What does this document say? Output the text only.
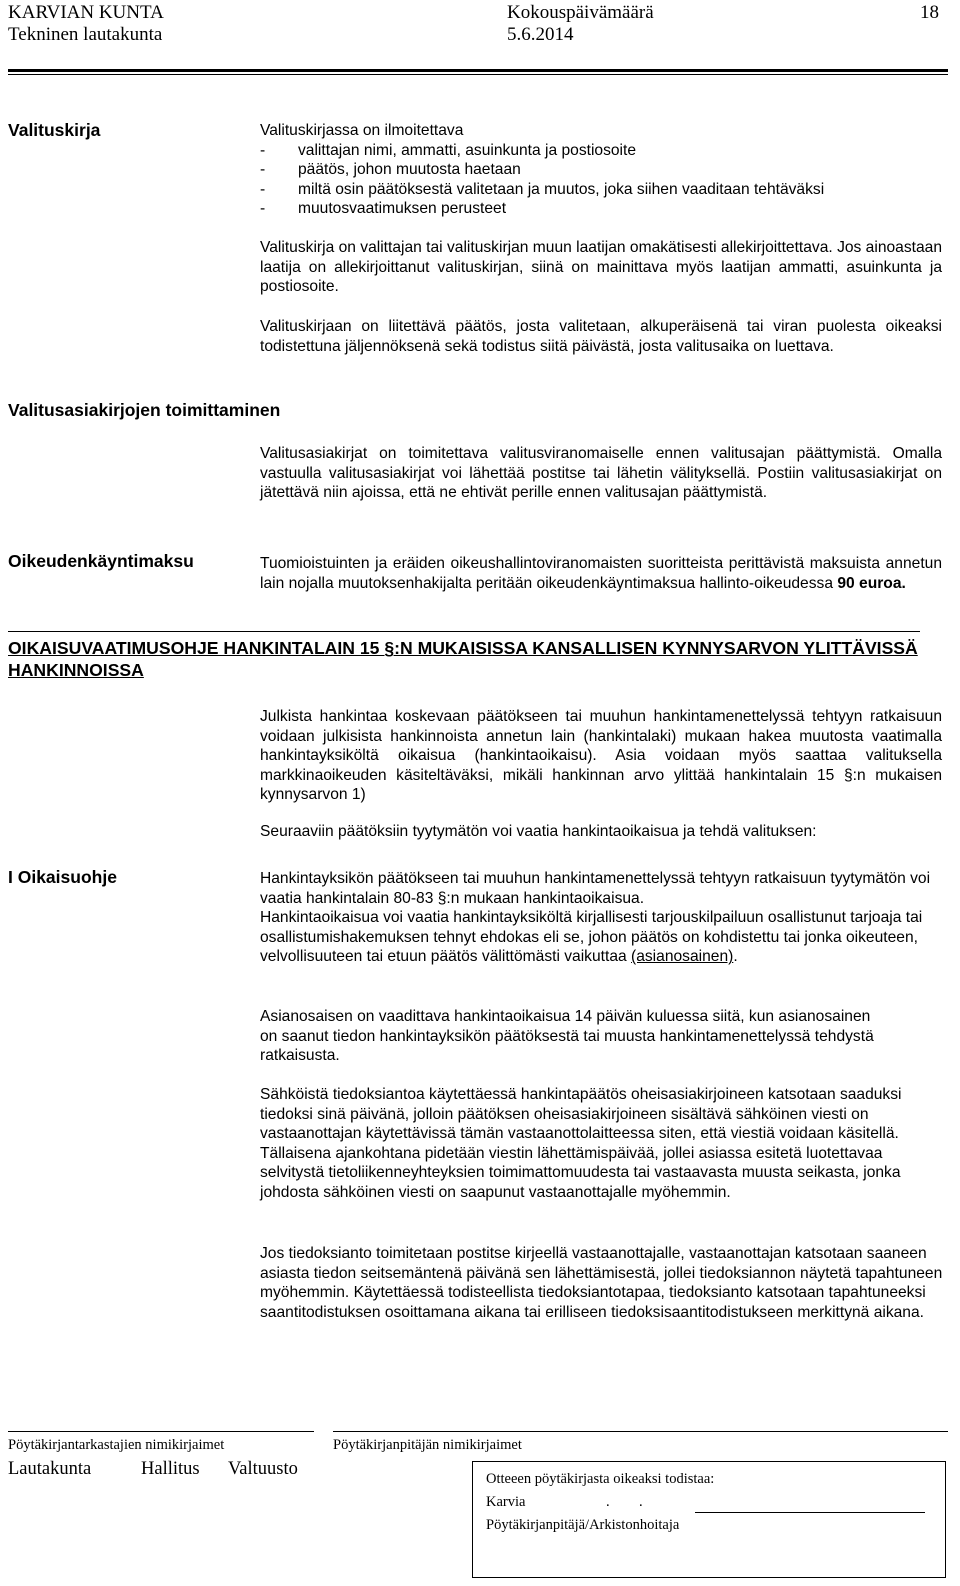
KARVIAN KUNTA
Tekninen lautakunta
Kokouspäivämäärä
5.6.2014
18
Valituskirja	Valituskirjassa on ilmoitettava

-	valittajan nimi, ammatti, asuinkunta ja postiosoite
-	päätös, johon muutosta haetaan
-	miltä osin päätöksestä valitetaan ja muutos, joka siihen vaaditaan tehtäväksi
-	muutosvaatimuksen perusteet

Valituskirja on valittajan tai valituskirjan muun laatijan omakätisesti allekirjoittettava. Jos ainoastaan laatija on allekirjoittanut valituskirjan, siinä on mainittava myös laatijan ammatti, asuinkunta ja postiosoite.

Valituskirjaan on liitettävä päätös, josta valitetaan, alkuperäisenä tai viran puolesta oikeaksi todistettuna jäljennöksenä sekä todistus siitä päivästä, josta valitusaika on luettava.

Valitusasiakirjojen toimittaminen

Valitusasiakirjat on toimitettava valitusviranomaiselle ennen valitusajan päättymistä. Omalla vastuulla valitusasiakirjat voi lähettää postitse tai lähetin välityksellä. Postiin valitusasiakirjat on jätettävä niin ajoissa, että ne ehtivät perille ennen valitusajan päättymistä.

Oikeudenkäyntimaksu	Tuomioistuinten ja eräiden oikeushallintoviranomaisten suoritteista perittävistä maksuista annetun lain nojalla muutoksenhakijalta peritään oikeudenkäyntimaksua hallinto-oikeudessa 90 euroa.

OIKAISUVAATIMUSOHJE HANKINTALAIN 15 §:N MUKAISISSA KANSALLISEN KYNNYSARVON YLITTÄVISSÄ HANKINNOISSA

Julkista hankintaa koskevaan päätökseen tai muuhun hankintamenettelyssä tehtyyn ratkaisuun voidaan julkisista hankinnoista annetun lain (hankintalaki) mukaan hakea muutosta vaatimalla hankintayksiköltä oikaisua (hankintaoikaisu). Asia voidaan myös saattaa valituksella markkinaoikeuden käsiteltäväksi, mikäli hankinnan arvo ylittää hankintalain 15 §:n mukaisen kynnysarvon 1)

Seuraaviin päätöksiin tyytymätön voi vaatia hankintaoikaisua ja tehdä valituksen:

I Oikaisuohje	Hankintayksikön päätökseen tai muuhun hankintamenettelyssä tehtyyn ratkaisuun tyytymätön voi vaatia hankintalain 80-83 §:n mukaan hankintaoikaisua.

Hankintaoikaisua voi vaatia hankintayksiköltä kirjallisesti tarjouskilpailuun osallistunut tarjoaja tai osallistumishakemuksen tehnyt ehdokas eli se, johon päätös on kohdistettu tai jonka oikeuteen, velvollisuuteen tai etuun päätös välittömästi vaikuttaa (asianosainen).

Asianosaisen on vaadittava hankintaoikaisua 14 päivän kuluessa siitä, kun asianosainen on saanut tiedon hankintayksikön päätöksestä tai muusta hankintamenettelyssä tehdystä ratkaisusta.

Sähköistä tiedoksiantoa käytettäessä hankintapäätös oheisasiakirjoineen katsotaan saaduksi tiedoksi sinä päivänä, jolloin päätöksen oheisasiakirjoineen sisältävä sähköinen viesti on vastaanottajan käytettävissä tämän vastaanottolaitteessa siten, että viestiä voidaan käsitellä. Tällaisena ajankohtana pidetään viestin lähettämispäivää, jollei asiassa esitetä luotettavaa selvitystä tietoliikenneyhteyksien toimimattomuudesta tai vastaavasta muusta seikasta, jonka johdosta sähköinen viesti on saapunut vastaanottajalle myöhemmin.

Jos tiedoksianto toimitetaan postitse kirjeellä vastaanottajalle, vastaanottajan katsotaan saaneen asiasta tiedon seitsemäntenä päivänä sen lähettämisestä, jollei tiedoksiannon näytetä tapahtuneen myöhemmin. Käytettäessä todisteellista tiedoksiantotapaa, tiedoksianto katsotaan tapahtuneeksi saantitodistuksen osoittamana aikana tai erilliseen tiedoksisaantitodistukseen merkittynä aikana.

Pöytäkirjantarkastajien nimikirjaimet	Pöytäkirjanpitäjän nimikirjaimet
Lautakunta	Hallitus Valtuusto	Otteeen pöytäkirjasta oikeaksi todistaa:
Karvia	. .
Pöytäkirjanpitäjä/Arkistonhoitaja
